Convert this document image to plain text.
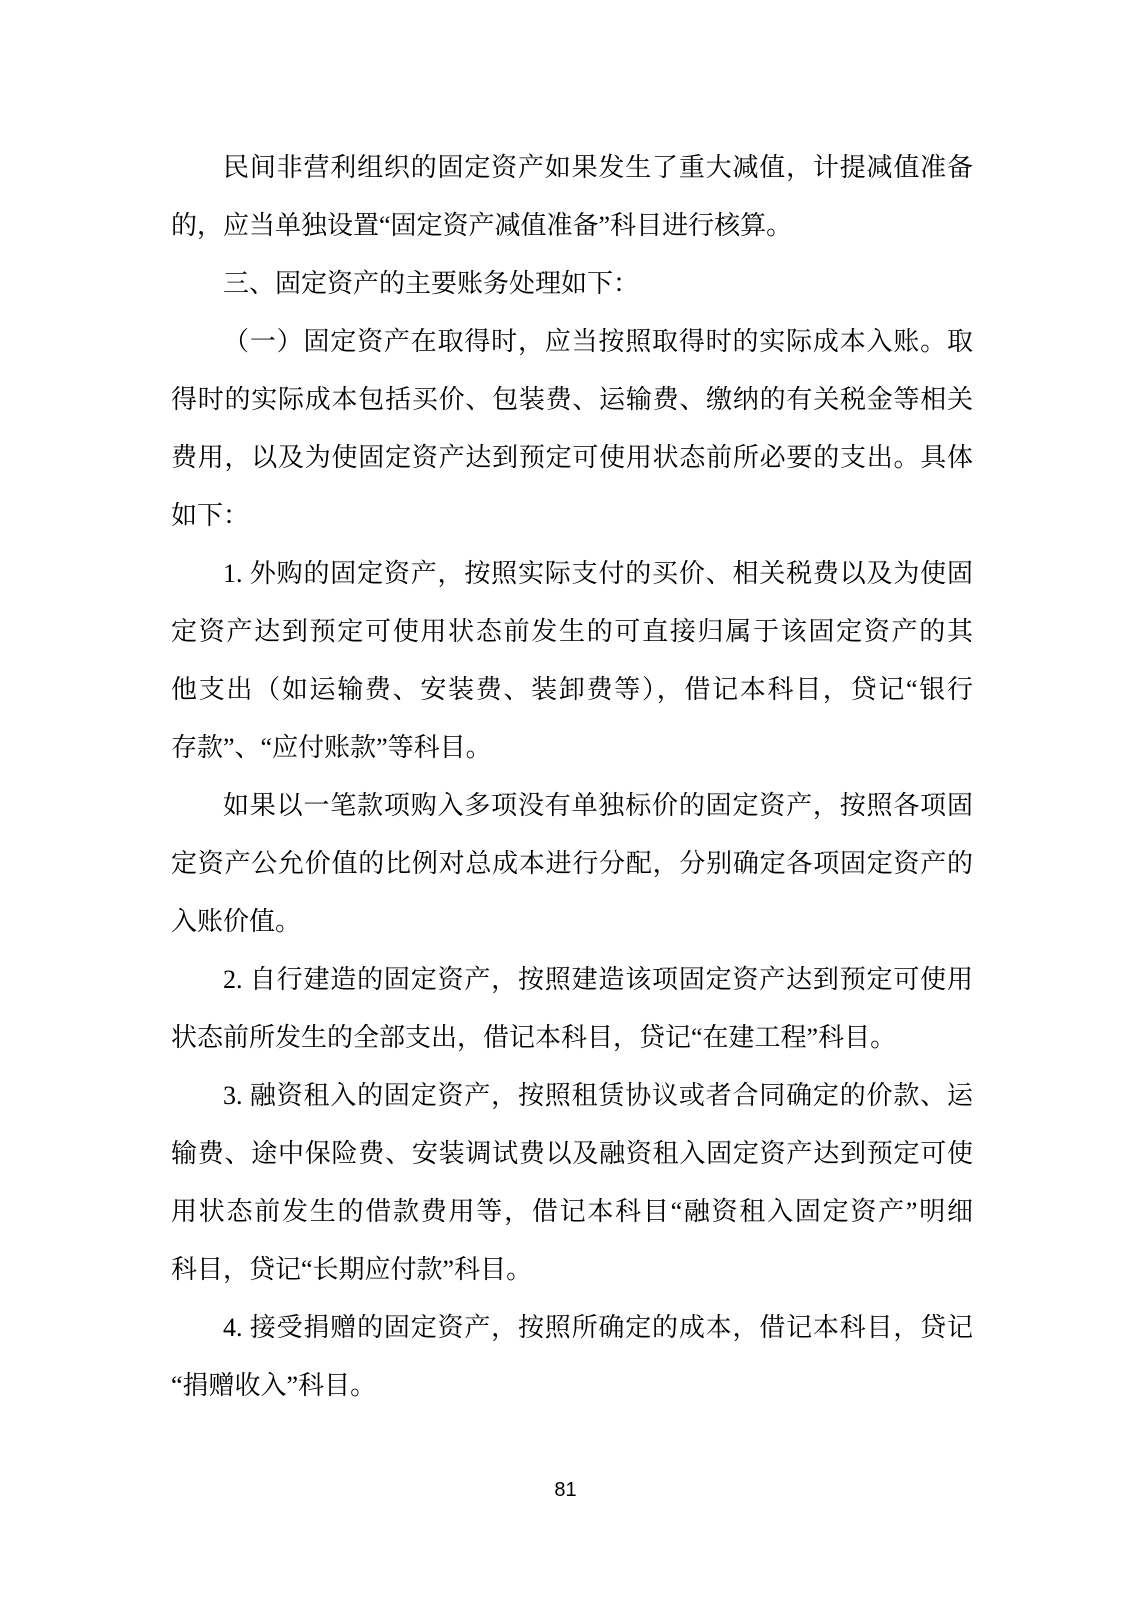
民间非营利组织的固定资产如果发生了重大减值，计提减值准备
的，应当单独设置“固定资产减值准备”科目进行核算。
三、固定资产的主要账务处理如下：
（一）固定资产在取得时，应当按照取得时的实际成本入账。取
得时的实际成本包括买价、包装费、运输费、缴纳的有关税金等相关
费用，以及为使固定资产达到预定可使用状态前所必要的支出。具体
如下：
1. 外购的固定资产，按照实际支付的买价、相关税费以及为使固
定资产达到预定可使用状态前发生的可直接归属于该固定资产的其
他支出（如运输费、安装费、装卸费等），借记本科目，贷记“银行
存款”、“应付账款”等科目。
如果以一笔款项购入多项没有单独标价的固定资产，按照各项固
定资产公允价值的比例对总成本进行分配，分别确定各项固定资产的
入账价值。
2. 自行建造的固定资产，按照建造该项固定资产达到预定可使用
状态前所发生的全部支出，借记本科目，贷记“在建工程”科目。
3. 融资租入的固定资产，按照租赁协议或者合同确定的价款、运
输费、途中保险费、安装调试费以及融资租入固定资产达到预定可使
用状态前发生的借款费用等，借记本科目“融资租入固定资产”明细
科目，贷记“长期应付款”科目。
4. 接受捐赠的固定资产，按照所确定的成本，借记本科目，贷记
“捐赠收入”科目。
81
